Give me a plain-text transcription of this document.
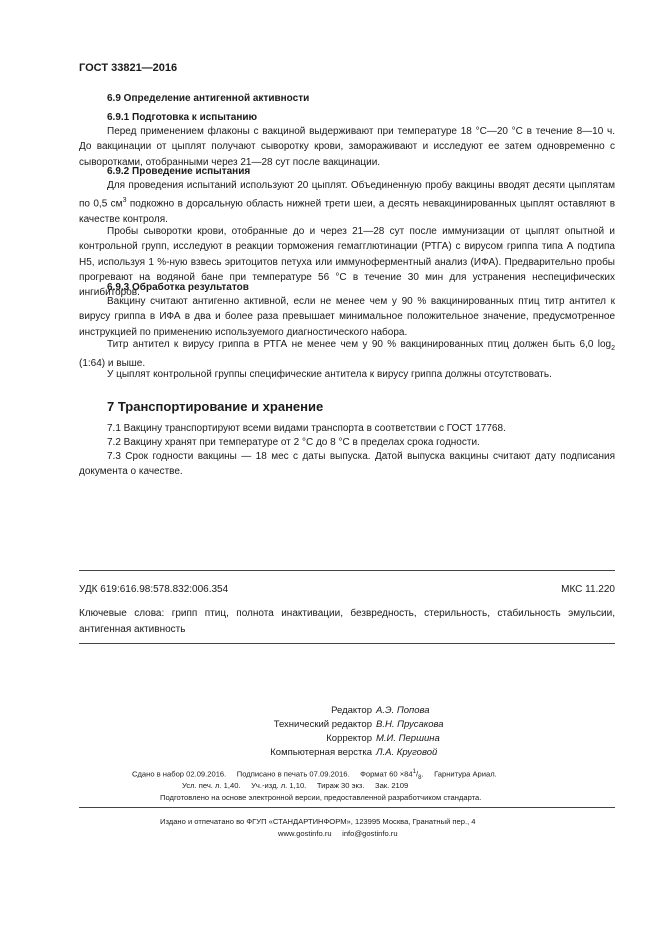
ГОСТ 33821—2016
6.9 Определение антигенной активности
6.9.1 Подготовка к испытанию
Перед применением флаконы с вакциной выдерживают при температуре 18 °С—20 °С в течение 8—10 ч. До вакцинации от цыплят получают сыворотку крови, замораживают и исследуют ее затем одновременно с сыворотками, отобранными через 21—28 сут после вакцинации.
6.9.2 Проведение испытания
Для проведения испытаний используют 20 цыплят. Объединенную пробу вакцины вводят десяти цыплятам по 0,5 $см^3$ подкожно в дорсальную область нижней трети шеи, а десять невакцинированных цыплят оставляют в качестве контроля.
Пробы сыворотки крови, отобранные до и через 21—28 сут после иммунизации от цыплят опытной и контрольной групп, исследуют в реакции торможения гемагглютинации (РТГА) с вирусом гриппа типа А подтипа Н5, используя 1 %-ную взвесь эритоцитов петуха или иммуноферментный анализ (ИФА). Предварительно пробы прогревают на водяной бане при температуре 56 °С в течение 30 мин для устранения неспецифических ингибиторов.
6.9.3 Обработка результатов
Вакцину считают антигенно активной, если не менее чем у 90 % вакцинированных птиц титр антител к вирусу гриппа в ИФА в два и более раза превышает минимальное положительное значение, предусмотренное инструкцией по применению используемого диагностического набора.
Титр антител к вирусу гриппа в РТГА не менее чем у 90 % вакцинированных птиц должен быть 6,0 $\log_2$ (1:64) и выше.
У цыплят контрольной группы специфические антитела к вирусу гриппа должны отсутствовать.
7 Транспортирование и хранение
7.1 Вакцину транспортируют всеми видами транспорта в соответствии с ГОСТ 17768.
7.2 Вакцину хранят при температуре от 2 °С до 8 °С в пределах срока годности.
7.3 Срок годности вакцины — 18 мес с даты выпуска. Датой выпуска вакцины считают дату подписания документа о качестве.
УДК 619:616.98:578.832:006.354	МКС 11.220
Ключевые слова: грипп птиц, полнота инактивации, безвредность, стерильность, стабильность эмульсии, антигенная активность
Редактор
Технический редактор
Корректор
Компьютерная верстка
А.Э. Попова
В.Н. Прусакова
М.И. Першина
Л.А. Круговой
Сдано в набор 02.09.2016.     Подписано в печать 07.09.2016.     Формат $60 \times 84^1/_8$.     Гарнитура Ариал.
Усл. печ. л. 1,40.     Уч.-изд. л. 1,10.     Тираж 30 экз.     Зак. 2109
Подготовлено на основе электронной версии, предоставленной разработчиком стандарта.
Издано и отпечатано во ФГУП «СТАНДАРТИНФОРМ», 123995 Москва, Гранатный пер., 4
www.gostinfo.ru     info@gostinfo.ru
